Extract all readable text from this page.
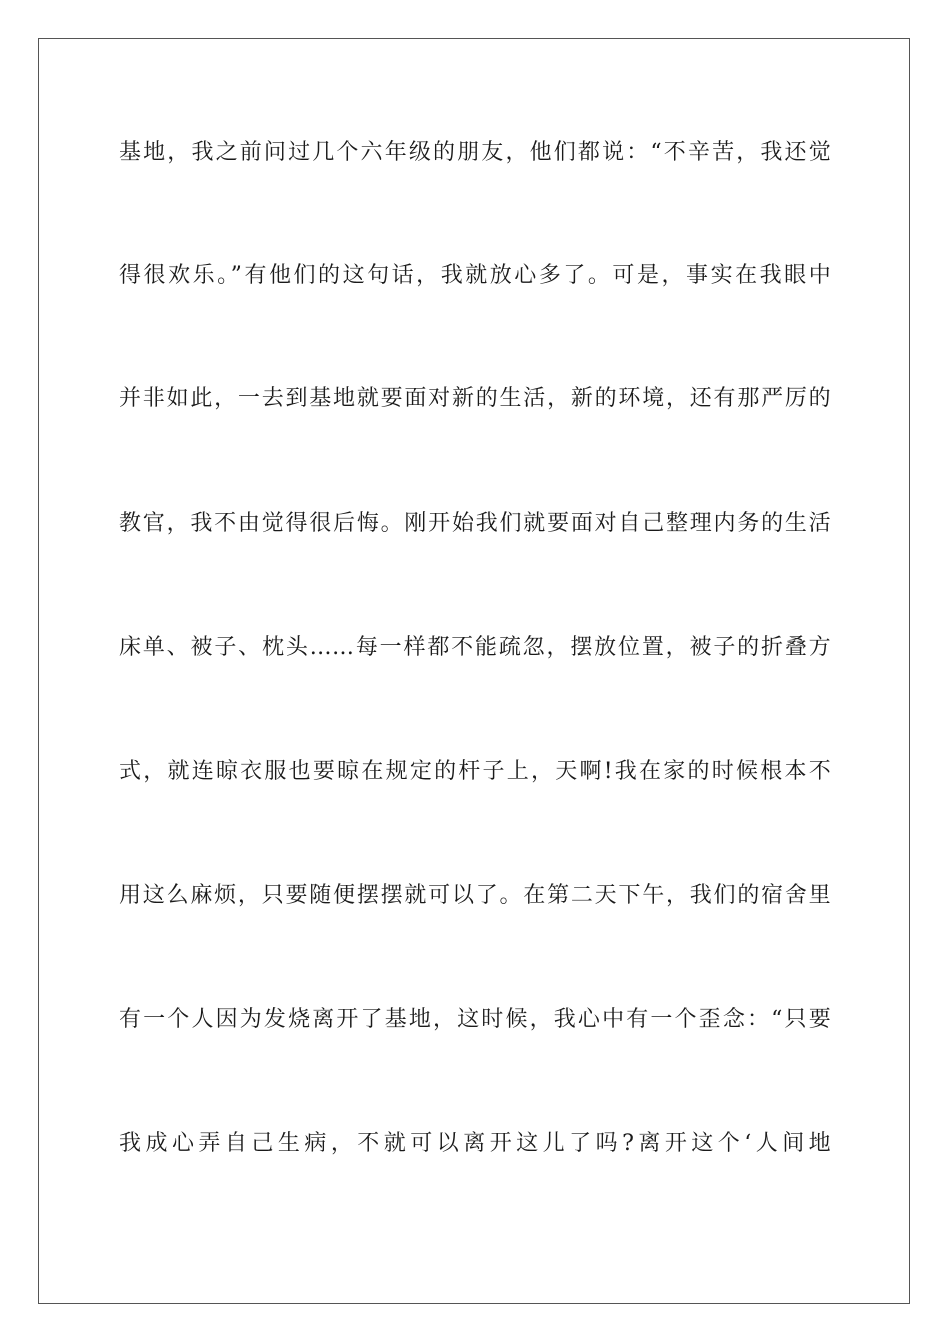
基地，我之前问过几个六年级的朋友，他们都说：“不辛苦，我还觉
得很欢乐。”有他们的这句话，我就放心多了。可是，事实在我眼中
并非如此，一去到基地就要面对新的生活，新的环境，还有那严厉的
教官，我不由觉得很后悔。刚开始我们就要面对自己整理内务的生活
床单、被子、枕头……每一样都不能疏忽，摆放位置，被子的折叠方
式，就连晾衣服也要晾在规定的杆子上，天啊!我在家的时候根本不
用这么麻烦，只要随便摆摆就可以了。在第二天下午，我们的宿舍里
有一个人因为发烧离开了基地，这时候，我心中有一个歪念：“只要
我成心弄自己生病，不就可以离开这儿了吗?离开这个‘人间地
